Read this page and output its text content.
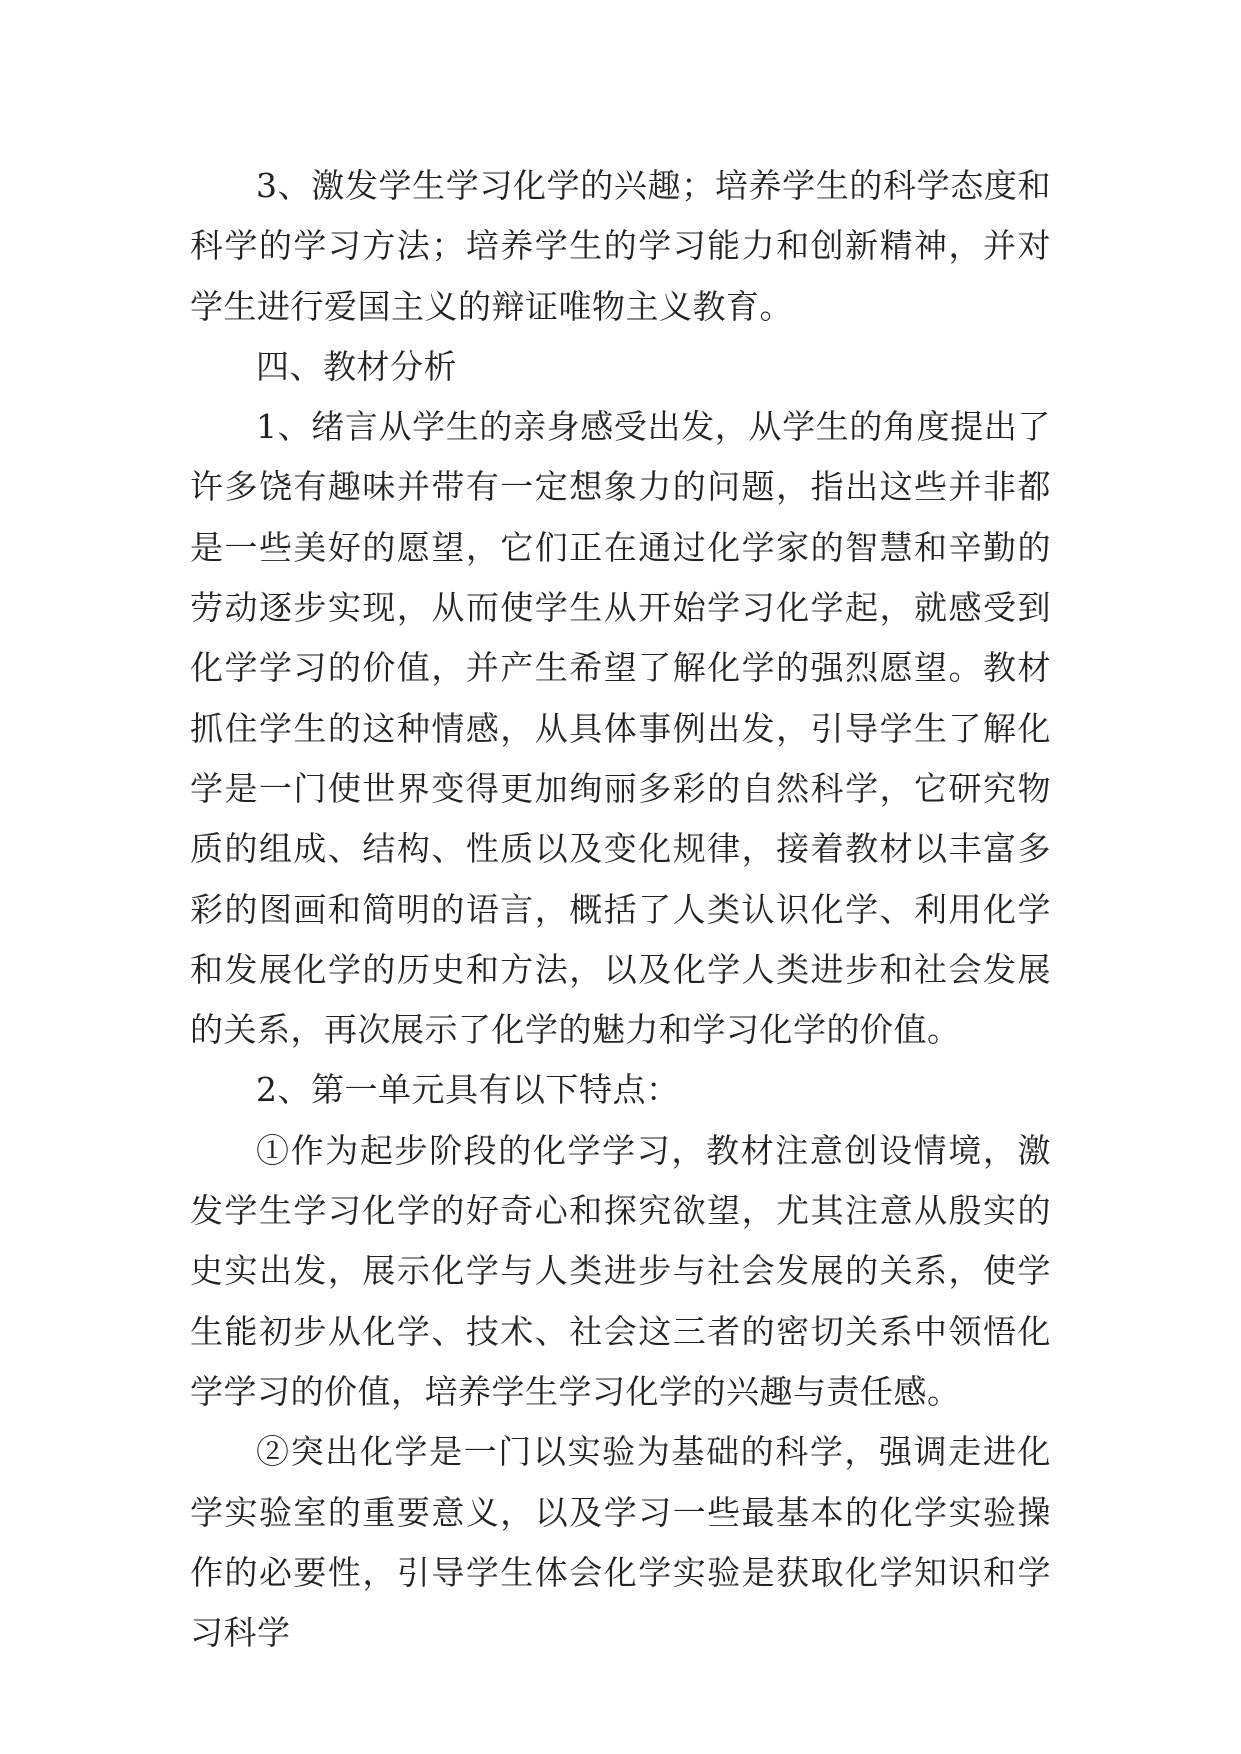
3、激发学生学习化学的兴趣；培养学生的科学态度和科学的学习方法；培养学生的学习能力和创新精神，并对学生进行爱国主义的辩证唯物主义教育。

四、教材分析

1、绪言从学生的亲身感受出发，从学生的角度提出了许多饶有趣味并带有一定想象力的问题，指出这些并非都是一些美好的愿望，它们正在通过化学家的智慧和辛勤的劳动逐步实现，从而使学生从开始学习化学起，就感受到化学学习的价值，并产生希望了解化学的强烈愿望。教材抓住学生的这种情感，从具体事例出发，引导学生了解化学是一门使世界变得更加绚丽多彩的自然科学，它研究物质的组成、结构、性质以及变化规律，接着教材以丰富多彩的图画和简明的语言，概括了人类认识化学、利用化学和发展化学的历史和方法，以及化学人类进步和社会发展的关系，再次展示了化学的魅力和学习化学的价值。

2、第一单元具有以下特点：

①作为起步阶段的化学学习，教材注意创设情境，激发学生学习化学的好奇心和探究欲望，尤其注意从殷实的史实出发，展示化学与人类进步与社会发展的关系，使学生能初步从化学、技术、社会这三者的密切关系中领悟化学学习的价值，培养学生学习化学的兴趣与责任感。

②突出化学是一门以实验为基础的科学，强调走进化学实验室的重要意义，以及学习一些最基本的化学实验操作的必要性，引导学生体会化学实验是获取化学知识和学习科学
